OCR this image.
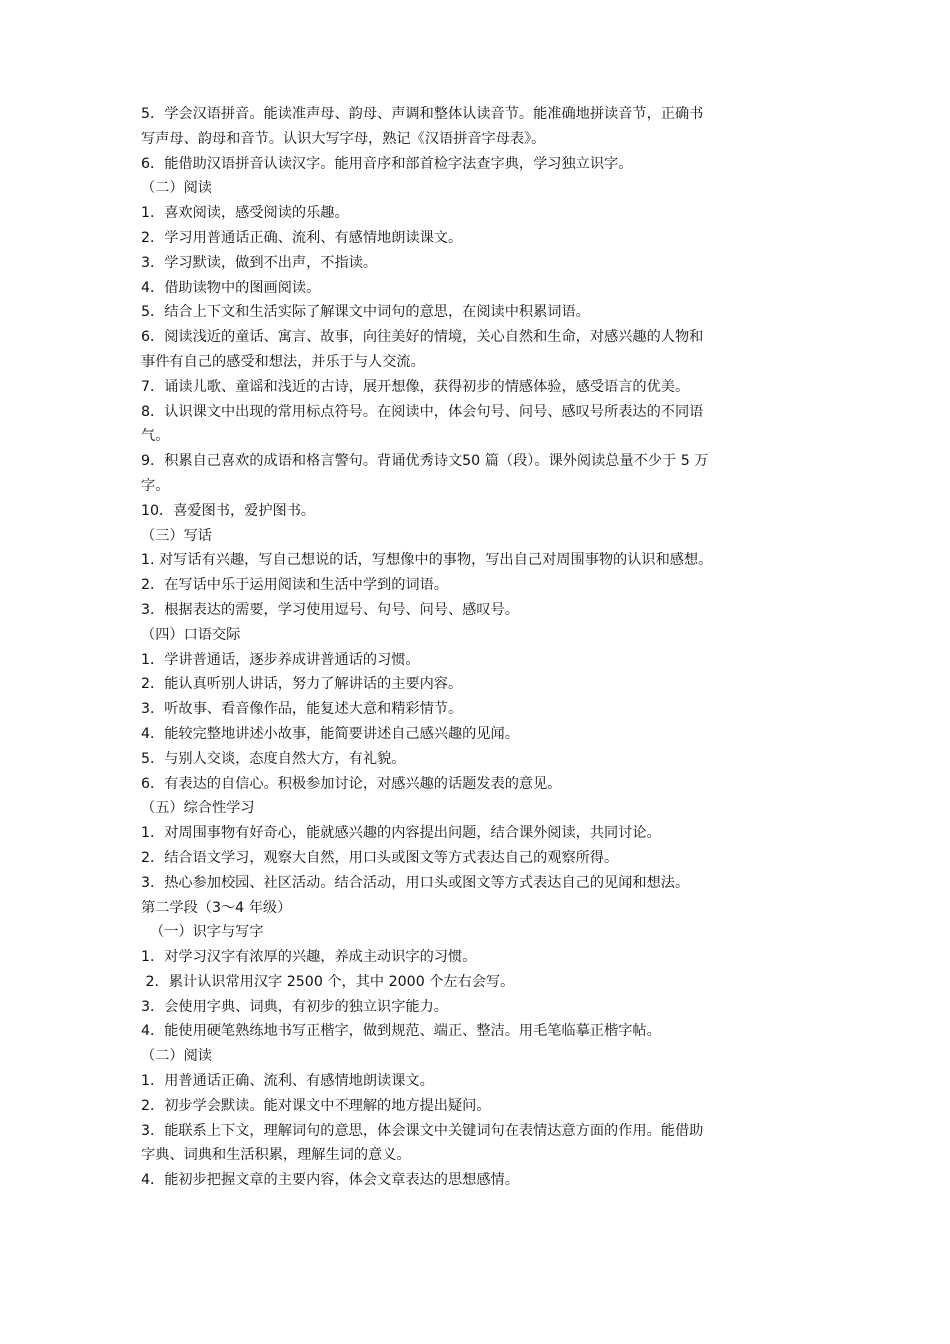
5．学会汉语拼音。能读准声母、韵母、声调和整体认读音节。能准确地拼读音节，正确书

写声母、韵母和音节。认识大写字母，熟记《汉语拼音字母表》。

6．能借助汉语拼音认读汉字。能用音序和部首检字法查字典，学习独立识字。

（二）阅读

1．喜欢阅读，感受阅读的乐趣。

2．学习用普通话正确、流利、有感情地朗读课文。

3．学习默读，做到不出声，不指读。

4．借助读物中的图画阅读。

5．结合上下文和生活实际了解课文中词句的意思，在阅读中积累词语。

6．阅读浅近的童话、寓言、故事，向往美好的情境，关心自然和生命，对感兴趣的人物和

事件有自己的感受和想法，并乐于与人交流。

7．诵读儿歌、童谣和浅近的古诗，展开想像，获得初步的情感体验，感受语言的优美。

8．认识课文中出现的常用标点符号。在阅读中，体会句号、问号、感叹号所表达的不同语

气。

9．积累自己喜欢的成语和格言警句。背诵优秀诗文50 篇（段）。课外阅读总量不少于 5 万

字。

10．喜爱图书，爱护图书。

（三）写话

1. 对写话有兴趣，写自己想说的话，写想像中的事物，写出自己对周围事物的认识和感想。

2．在写话中乐于运用阅读和生活中学到的词语。

3．根据表达的需要，学习使用逗号、句号、问号、感叹号。

（四）口语交际

1．学讲普通话，逐步养成讲普通话的习惯。

2．能认真听别人讲话，努力了解讲话的主要内容。

3．听故事、看音像作品，能复述大意和精彩情节。

4．能较完整地讲述小故事，能简要讲述自己感兴趣的见闻。

5．与别人交谈，态度自然大方，有礼貌。

6．有表达的自信心。积极参加讨论，对感兴趣的话题发表的意见。

（五）综合性学习

1．对周围事物有好奇心，能就感兴趣的内容提出问题，结合课外阅读，共同讨论。

2．结合语文学习，观察大自然，用口头或图文等方式表达自己的观察所得。

3．热心参加校园、社区活动。结合活动，用口头或图文等方式表达自己的见闻和想法。

第二学段（3～4 年级）

（一）识字与写字

1．对学习汉字有浓厚的兴趣，养成主动识字的习惯。

2．累计认识常用汉字 2500 个，其中 2000 个左右会写。

3．会使用字典、词典，有初步的独立识字能力。

4．能使用硬笔熟练地书写正楷字，做到规范、端正、整洁。用毛笔临摹正楷字帖。

（二）阅读

1．用普通话正确、流利、有感情地朗读课文。

2．初步学会默读。能对课文中不理解的地方提出疑问。

3．能联系上下文，理解词句的意思，体会课文中关键词句在表情达意方面的作用。能借助

字典、词典和生活积累，理解生词的意义。

4．能初步把握文章的主要内容，体会文章表达的思想感情。
